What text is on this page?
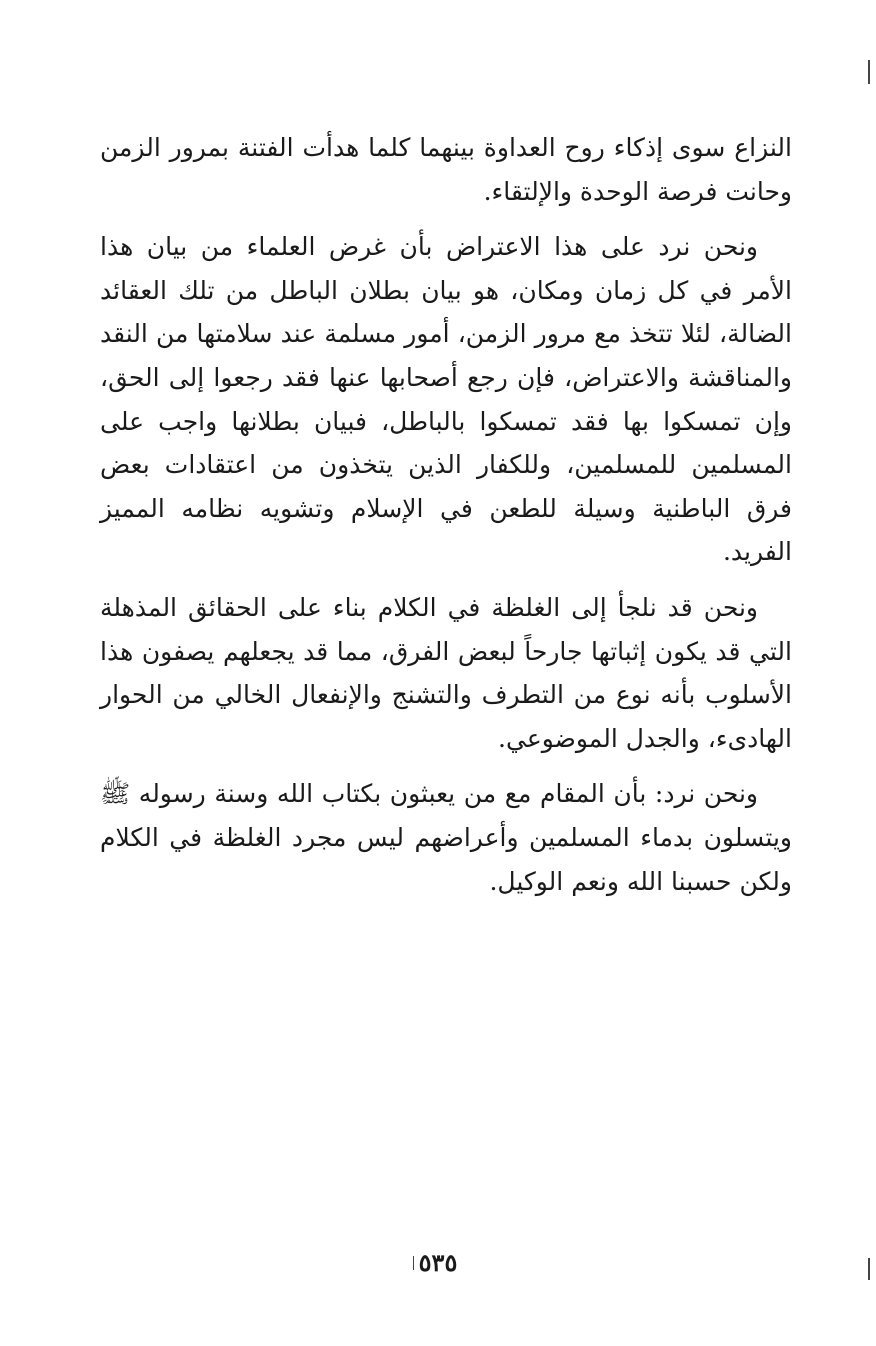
النزاع سوى إذكاء روح العداوة بينهما كلما هدأت الفتنة بمرور الزمن وحانت فرصة الوحدة والإلتقاء.

ونحن نرد على هذا الاعتراض بأن غرض العلماء من بيان هذا الأمر في كل زمان ومكان، هو بيان بطلان الباطل من تلك العقائد الضالة، لئلا تتخذ مع مرور الزمن، أمور مسلمة عند سلامتها من النقد والمناقشة والاعتراض، فإن رجع أصحابها عنها فقد رجعوا إلى الحق، وإن تمسكوا بها فقد تمسكوا بالباطل، فبيان بطلانها واجب على المسلمين للمسلمين، وللكفار الذين يتخذون من اعتقادات بعض فرق الباطنية وسيلة للطعن في الإسلام وتشويه نظامه المميز الفريد.

ونحن قد نلجأ إلى الغلظة في الكلام بناء على الحقائق المذهلة التي قد يكون إثباتها جارحاً لبعض الفرق، مما قد يجعلهم يصفون هذا الأسلوب بأنه نوع من التطرف والتشنج والإنفعال الخالي من الحوار الهادىء، والجدل الموضوعي.

ونحن نرد: بأن المقام مع من يعبثون بكتاب الله وسنة رسوله ﷺ ويتسلون بدماء المسلمين وأعراضهم ليس مجرد الغلظة في الكلام ولكن حسبنا الله ونعم الوكيل.

٥٣٥
